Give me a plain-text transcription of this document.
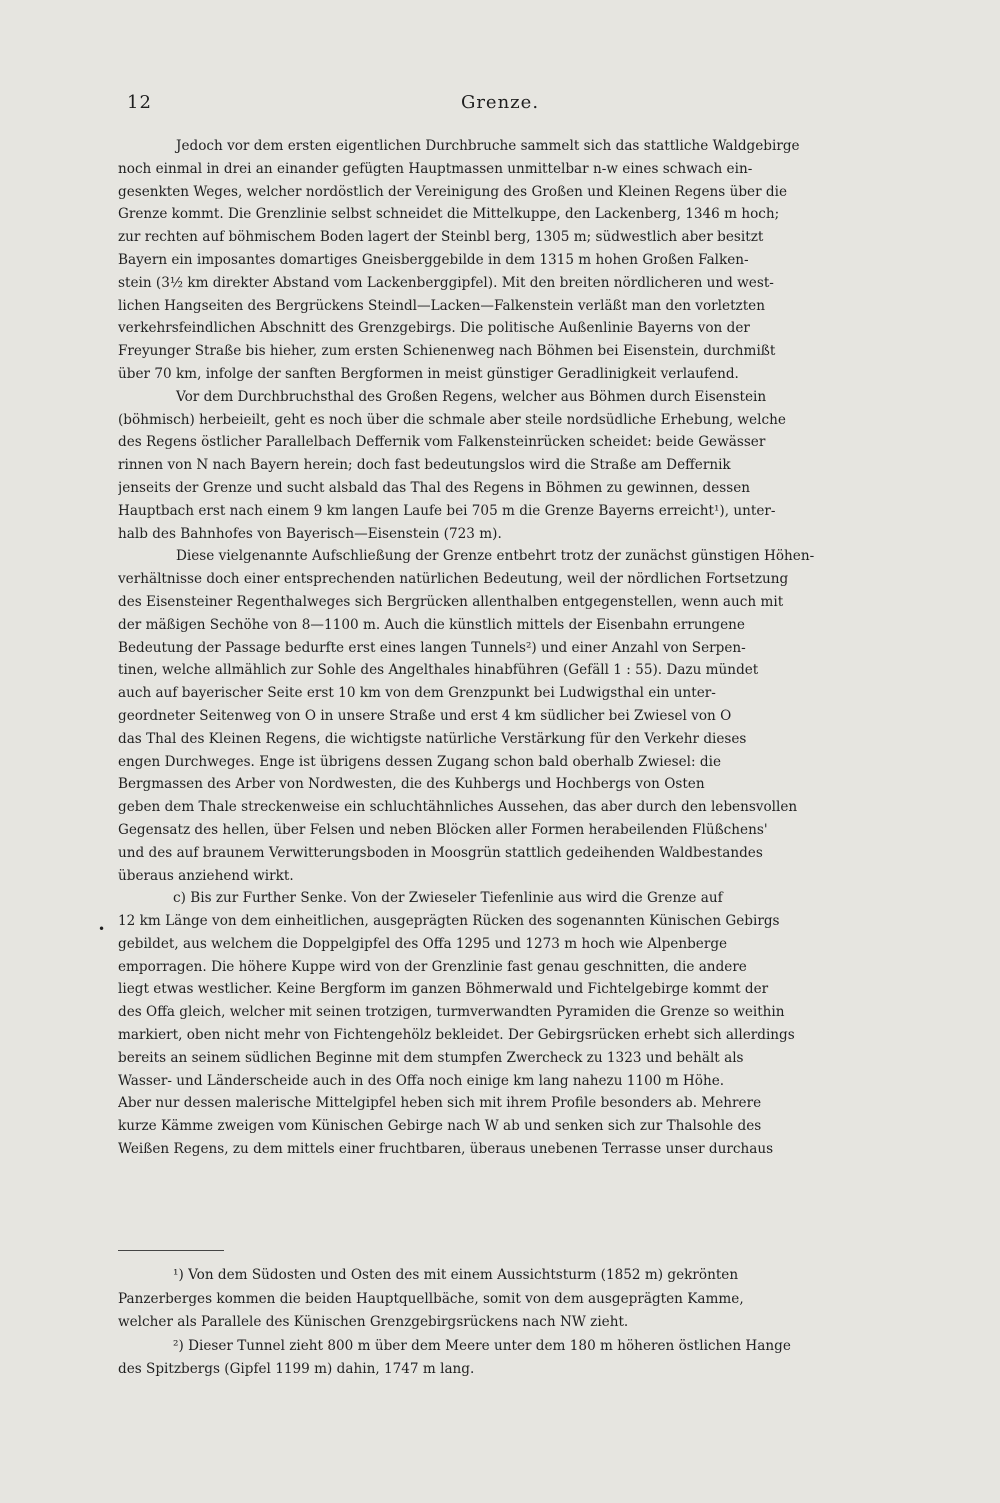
12	Grenze.
Jedoch vor dem ersten eigentlichen Durchbruche sammelt sich das stattliche Waldgebirge
noch einmal in drei an einander gefügten Hauptmassen unmittelbar n-w eines schwach ein-
gesenkten Weges, welcher nordöstlich der Vereinigung des Großen und Kleinen Regens über die
Grenze kommt. Die Grenzlinie selbst schneidet die Mittelkuppe, den Lackenberg, 1346 m hoch;
zur rechten auf böhmischem Boden lagert der Steinbl berg, 1305 m; südwestlich aber besitzt
Bayern ein imposantes domartiges Gneisberggebilde in dem 1315 m hohen Großen Falken-
stein (3½ km direkter Abstand vom Lackenberggipfel). Mit den breiten nördlicheren und west-
lichen Hangseiten des Bergrückens Steindl—Lacken—Falkenstein verläßt man den vorletzten
verkehrsfeindlichen Abschnitt des Grenzgebirgs. Die politische Außenlinie Bayerns von der
Freyunger Straße bis hieher, zum ersten Schienenweg nach Böhmen bei Eisenstein, durchmißt
über 70 km, infolge der sanften Bergformen in meist günstiger Geradlinigkeit verlaufend.
Vor dem Durchbruchsthal des Großen Regens, welcher aus Böhmen durch Eisenstein
(böhmisch) herbeieilt, geht es noch über die schmale aber steile nordsüdliche Erhebung, welche
des Regens östlicher Parallelbach Deffernik vom Falkensteinrücken scheidet: beide Gewässer
rinnen von N nach Bayern herein; doch fast bedeutungslos wird die Straße am Deffernik
jenseits der Grenze und sucht alsbald das Thal des Regens in Böhmen zu gewinnen, dessen
Hauptbach erst nach einem 9 km langen Laufe bei 705 m die Grenze Bayerns erreicht¹), unter-
halb des Bahnhofes von Bayerisch—Eisenstein (723 m).
Diese vielgenannte Aufschließung der Grenze entbehrt trotz der zunächst günstigen Höhen-
verhältnisse doch einer entsprechenden natürlichen Bedeutung, weil der nördlichen Fortsetzung
des Eisensteiner Regenthalweges sich Bergrücken allenthalben entgegenstellen, wenn auch mit
der mäßigen Sechöhe von 8—1100 m. Auch die künstlich mittels der Eisenbahn errungene
Bedeutung der Passage bedurfte erst eines langen Tunnels²) und einer Anzahl von Serpen-
tinen, welche allmählich zur Sohle des Angelthales hinabführen (Gefäll 1 : 55). Dazu mündet
auch auf bayerischer Seite erst 10 km von dem Grenzpunkt bei Ludwigsthal ein unter-
geordneter Seitenweg von O in unsere Straße und erst 4 km südlicher bei Zwiesel von O
das Thal des Kleinen Regens, die wichtigste natürliche Verstärkung für den Verkehr dieses
engen Durchweges. Enge ist übrigens dessen Zugang schon bald oberhalb Zwiesel: die
Bergmassen des Arber von Nordwesten, die des Kuhbergs und Hochbergs von Osten
geben dem Thale streckenweise ein schluchtähnliches Aussehen, das aber durch den lebensvollen
Gegensatz des hellen, über Felsen und neben Blöcken aller Formen herabeilenden Flüßchens'
und des auf braunem Verwitterungsboden in Moosgrün stattlich gedeihenden Waldbestandes
überaus anziehend wirkt.
c) Bis zur Further Senke. Von der Zwieseler Tiefenlinie aus wird die Grenze auf
12 km Länge von dem einheitlichen, ausgeprägten Rücken des sogenannten Künischen Gebirgs
gebildet, aus welchem die Doppelgipfel des Offa 1295 und 1273 m hoch wie Alpenberge
emporragen. Die höhere Kuppe wird von der Grenzlinie fast genau geschnitten, die andere
liegt etwas westlicher. Keine Bergform im ganzen Böhmerwald und Fichtelgebirge kommt der
des Offa gleich, welcher mit seinen trotzigen, turmverwandten Pyramiden die Grenze so weithin
markiert, oben nicht mehr von Fichtengehölz bekleidet. Der Gebirgsrücken erhebt sich allerdings
bereits an seinem südlichen Beginne mit dem stumpfen Zwercheck zu 1323 und behält als
Wasser- und Länderscheide auch in des Offa noch einige km lang nahezu 1100 m Höhe.
Aber nur dessen malerische Mittelgipfel heben sich mit ihrem Profile besonders ab. Mehrere
kurze Kämme zweigen vom Künischen Gebirge nach W ab und senken sich zur Thalsohle des
Weißen Regens, zu dem mittels einer fruchtbaren, überaus unebenen Terrasse unser durchaus
•
¹) Von dem Südosten und Osten des mit einem Aussichtsturm (1852 m) gekrönten
Panzerberges kommen die beiden Hauptquellbäche, somit von dem ausgeprägten Kamme,
welcher als Parallele des Künischen Grenzgebirgsrückens nach NW zieht.
²) Dieser Tunnel zieht 800 m über dem Meere unter dem 180 m höheren östlichen Hange
des Spitzbergs (Gipfel 1199 m) dahin, 1747 m lang.
